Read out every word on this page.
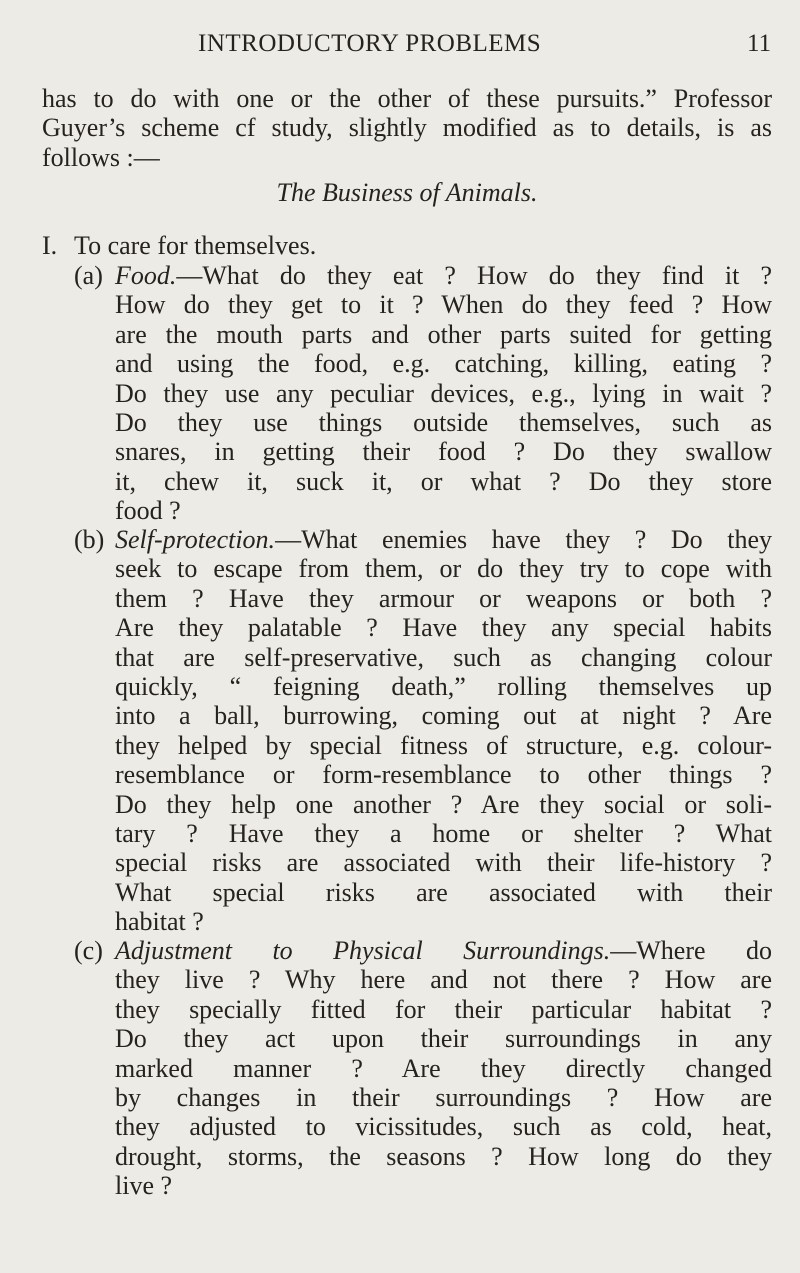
INTRODUCTORY PROBLEMS	11
has to do with one or the other of these pursuits.” Professor
Guyer’s scheme cf study, slightly modified as to details, is as
follows :—
The Business of Animals.
I. To care for themselves.
(a) Food.—What do they eat ? How do they find it ?
How do they get to it ? When do they feed ? How
are the mouth parts and other parts suited for getting
and using the food, e.g. catching, killing, eating ?
Do they use any peculiar devices, e.g., lying in wait ?
Do they use things outside themselves, such as
snares, in getting their food ? Do they swallow
it, chew it, suck it, or what ? Do they store
food ?
(b) Self-protection.—What enemies have they ? Do they
seek to escape from them, or do they try to cope with
them ? Have they armour or weapons or both ?
Are they palatable ? Have they any special habits
that are self-preservative, such as changing colour
quickly, “ feigning death,” rolling themselves up
into a ball, burrowing, coming out at night ? Are
they helped by special fitness of structure, e.g. colour-
resemblance or form-resemblance to other things ?
Do they help one another ? Are they social or soli-
tary ? Have they a home or shelter ? What
special risks are associated with their life-history ?
What special risks are associated with their
habitat ?
(c) Adjustment to Physical Surroundings.—Where do
they live ? Why here and not there ? How are
they specially fitted for their particular habitat ?
Do they act upon their surroundings in any
marked manner ? Are they directly changed
by changes in their surroundings ? How are
they adjusted to vicissitudes, such as cold, heat,
drought, storms, the seasons ? How long do they
live ?
